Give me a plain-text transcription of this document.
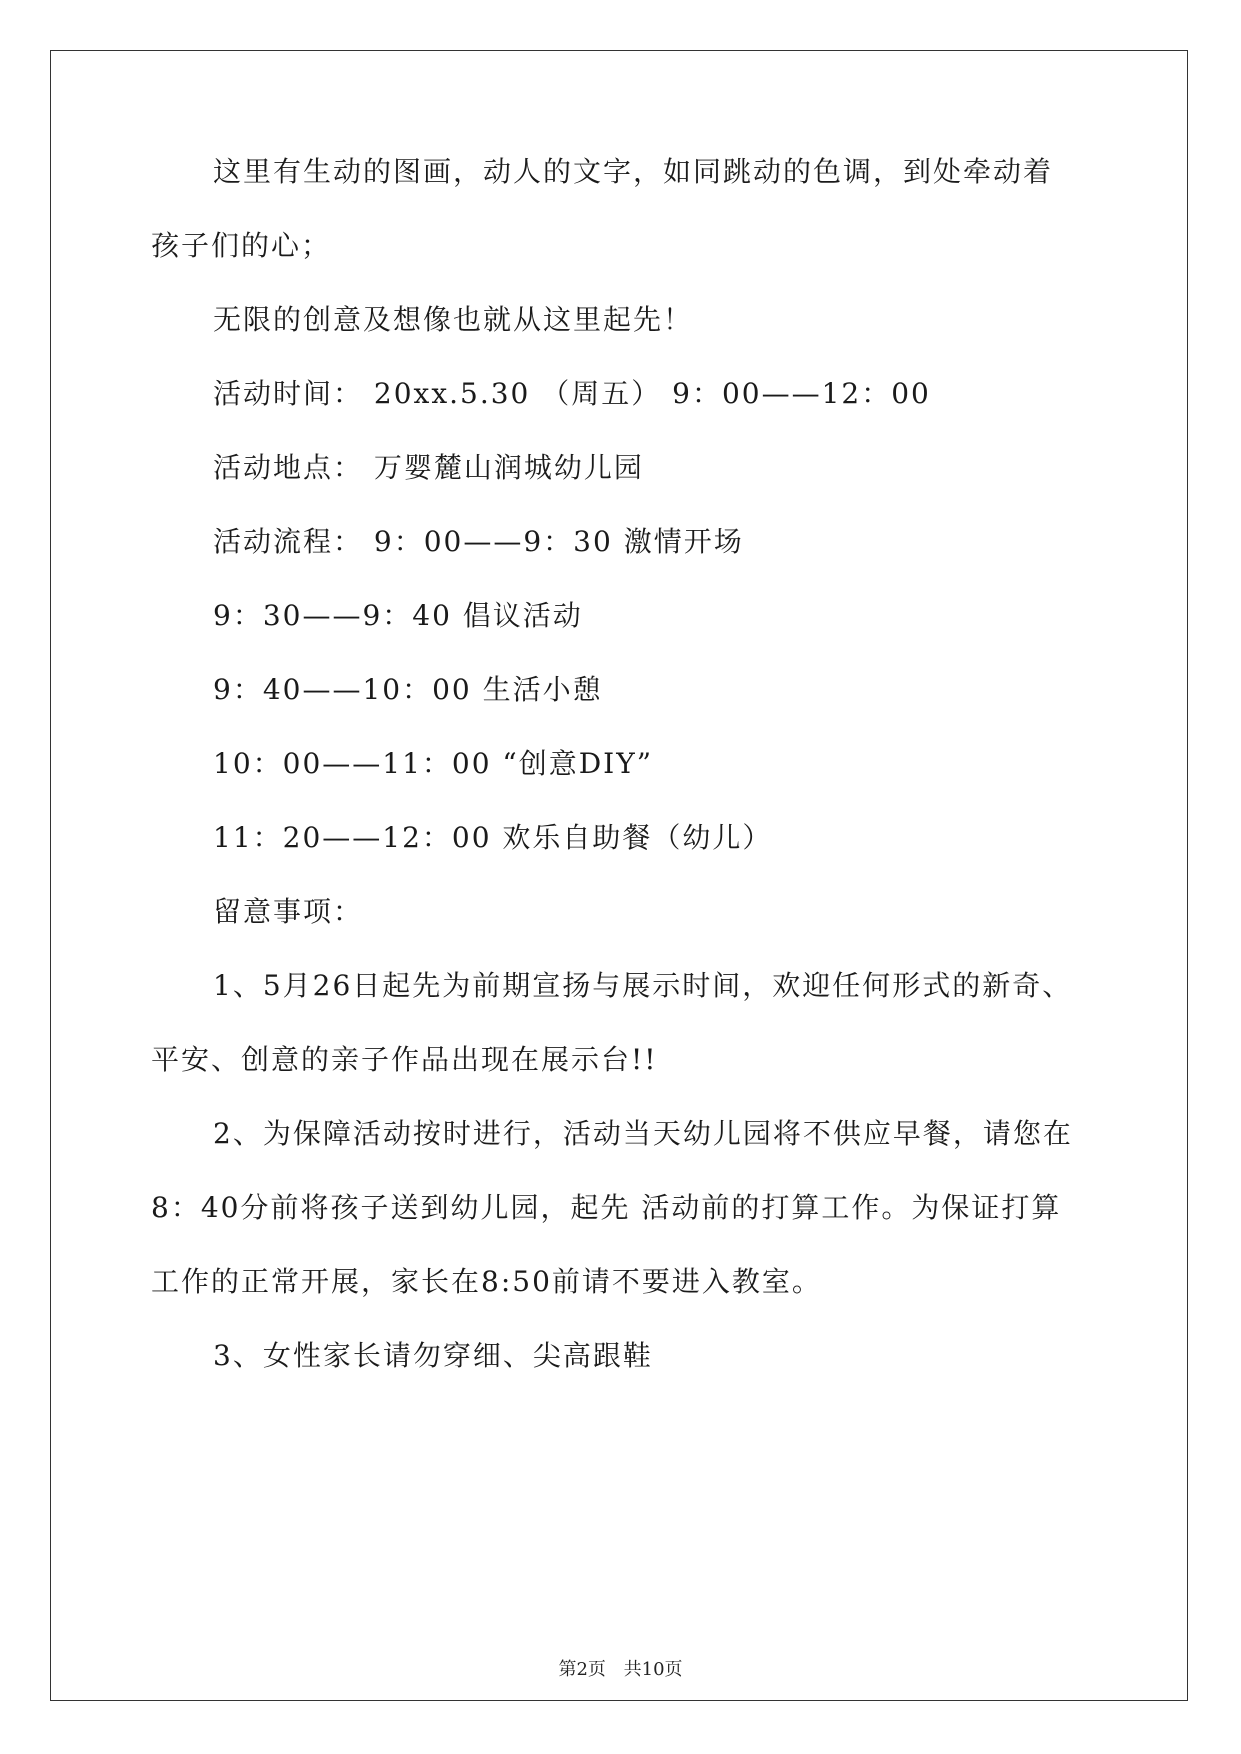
这里有生动的图画，动人的文字，如同跳动的色调，到处牵动着
孩子们的心；
无限的创意及想像也就从这里起先！
活动时间： 20xx.5.30 （周五） 9：00——12：00
活动地点： 万婴麓山润城幼儿园
活动流程： 9：00——9：30 激情开场
9：30——9：40 倡议活动
9：40——10：00 生活小憩
10：00——11：00 “创意DIY”
11：20——12：00 欢乐自助餐（幼儿）
留意事项：
1、5月26日起先为前期宣扬与展示时间，欢迎任何形式的新奇、
平安、创意的亲子作品出现在展示台!!
2、为保障活动按时进行，活动当天幼儿园将不供应早餐，请您在
8：40分前将孩子送到幼儿园，起先 活动前的打算工作。为保证打算
工作的正常开展，家长在8:50前请不要进入教室。
3、女性家长请勿穿细、尖高跟鞋
第2页 共10页
